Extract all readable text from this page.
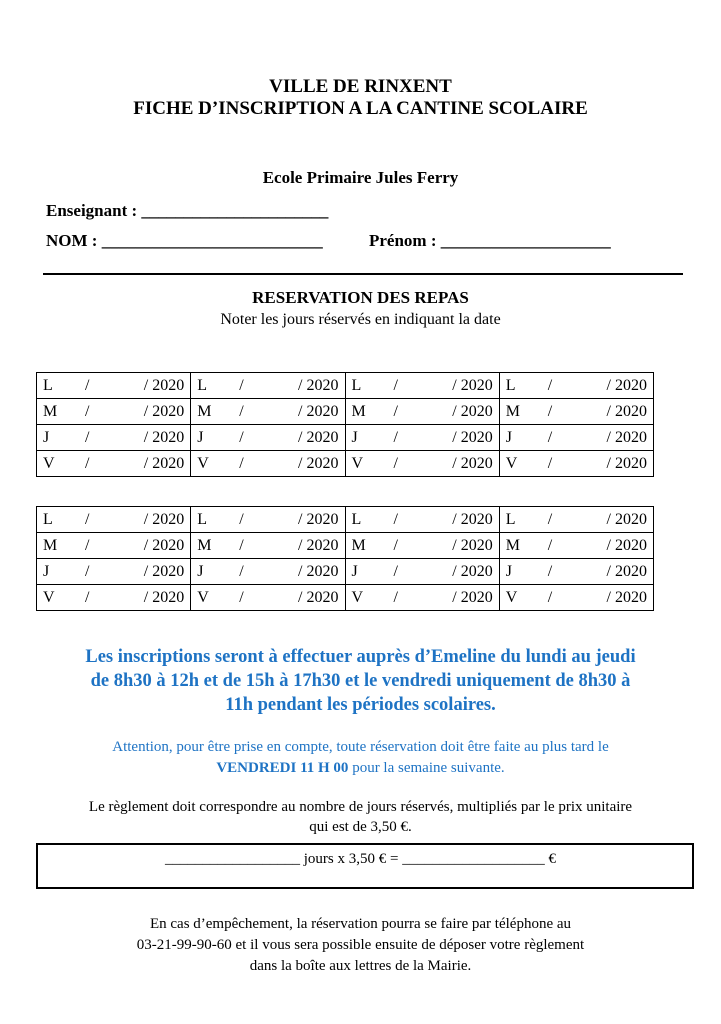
VILLE DE RINXENT
FICHE D’INSCRIPTION A LA CANTINE SCOLAIRE
Ecole Primaire Jules Ferry
Enseignant : ______________________
NOM : __________________________	Prénom : ____________________
RESERVATION DES REPAS
Noter les jours réservés en indiquant la date
L / / 2020	L / / 2020	L / / 2020	L / / 2020

M / / 2020	M / / 2020	M / / 2020	M / / 2020

J / / 2020	J / / 2020	J / / 2020	J / / 2020

V / / 2020	V / / 2020	V / / 2020	V / / 2020
L / / 2020	L / / 2020	L / / 2020	L / / 2020

M / / 2020	M / / 2020	M / / 2020	M / / 2020

J / / 2020	J / / 2020	J / / 2020	J / / 2020

V / / 2020	V / / 2020	V / / 2020	V / / 2020
Les inscriptions seront à effectuer auprès d’Emeline du lundi au jeudi
de 8h30 à 12h et de 15h à 17h30 et le vendredi uniquement de 8h30 à
11h pendant les périodes scolaires.
Attention, pour être prise en compte, toute réservation doit être faite au plus tard le
VENDREDI 11 H 00 pour la semaine suivante.
Le règlement doit correspondre au nombre de jours réservés, multipliés par le prix unitaire
qui est de 3,50 €.
__________________ jours x 3,50 € = ___________________ €
En cas d’empêchement, la réservation pourra se faire par téléphone au
03-21-99-90-60 et il vous sera possible ensuite de déposer votre règlement
dans la boîte aux lettres de la Mairie.
